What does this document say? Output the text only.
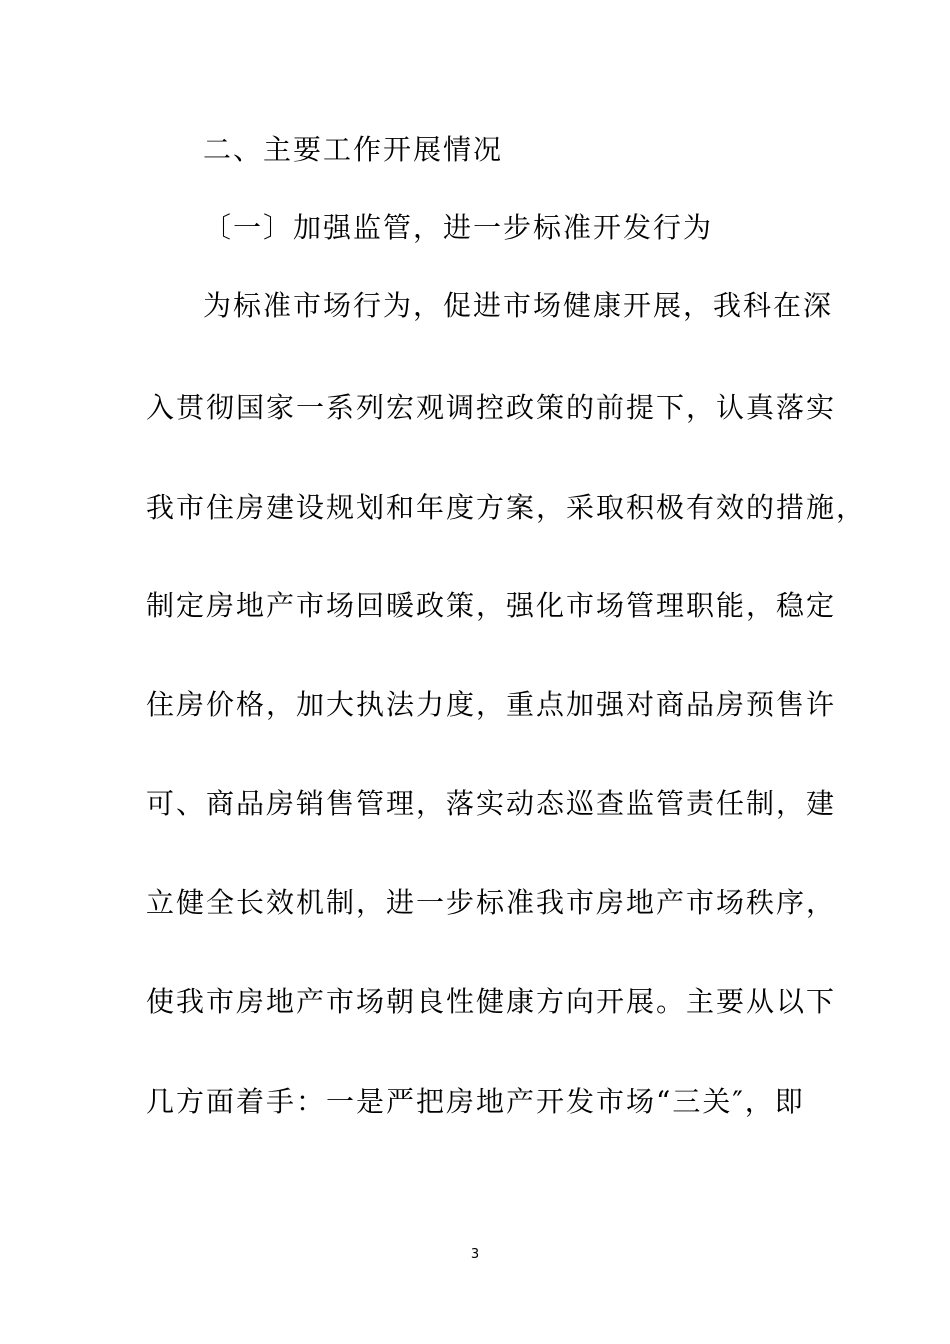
二、主要工作开展情况
〔一〕加强监管，进一步标准开发行为
为标准市场行为，促进市场健康开展，我科在深
入贯彻国家一系列宏观调控政策的前提下，认真落实
我市住房建设规划和年度方案，采取积极有效的措施，
制定房地产市场回暖政策，强化市场管理职能，稳定
住房价格，加大执法力度，重点加强对商品房预售许
可、商品房销售管理，落实动态巡查监管责任制，建
立健全长效机制，进一步标准我市房地产市场秩序，
使我市房地产市场朝良性健康方向开展。主要从以下
几方面着手：一是严把房地产开发市场“三关″，即
3
